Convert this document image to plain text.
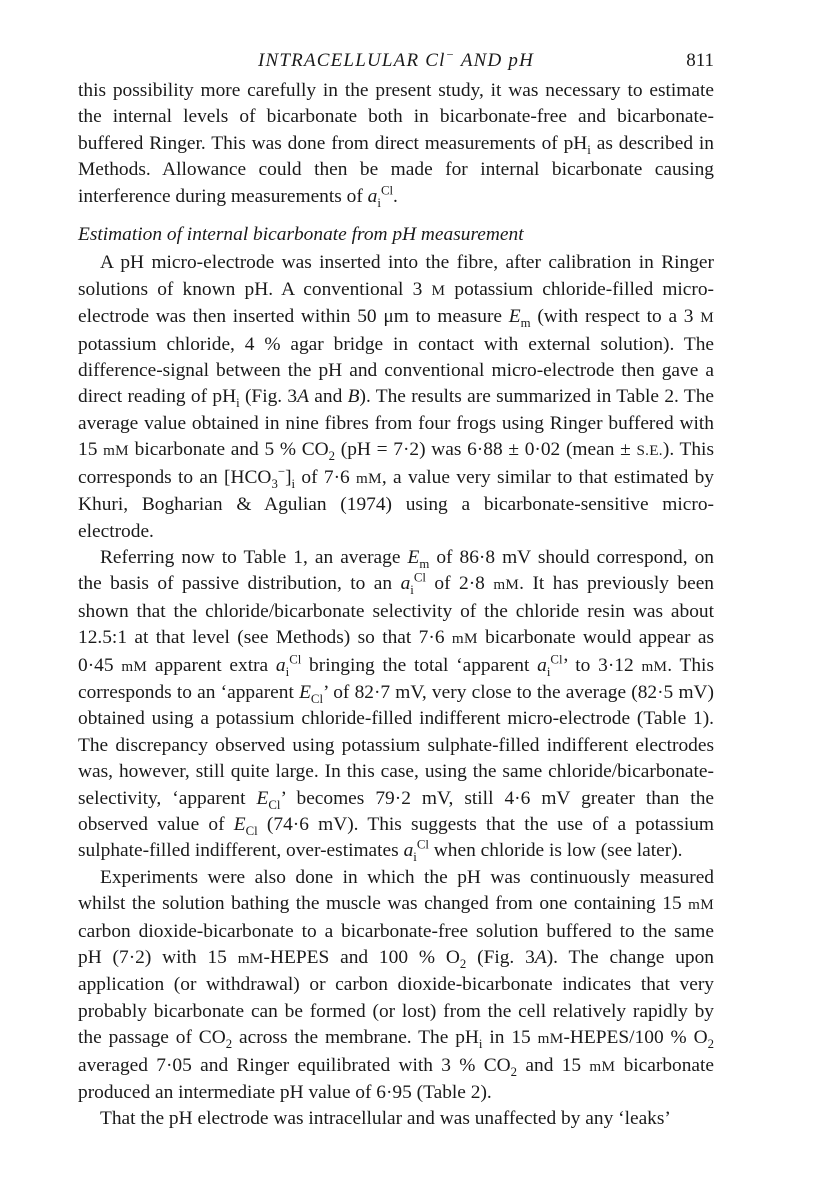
INTRACELLULAR Cl− AND pH	811

this possibility more carefully in the present study, it was necessary to estimate the internal levels of bicarbonate both in bicarbonate-free and bicarbonate-buffered Ringer. This was done from direct measurements of $pH_i$ as described in Methods. Allowance could then be made for internal bicarbonate causing interference during measurements of $a_i^{Cl}$.

Estimation of internal bicarbonate from pH measurement

A pH micro-electrode was inserted into the fibre, after calibration in Ringer solutions of known pH. A conventional 3 M potassium chloride-filled micro-electrode was then inserted within 50 μm to measure $E_m$ (with respect to a 3 M potassium chloride, 4 % agar bridge in contact with external solution). The difference-signal between the pH and conventional micro-electrode then gave a direct reading of $pH_i$ (Fig. 3A and B). The results are summarized in Table 2. The average value obtained in nine fibres from four frogs using Ringer buffered with 15 mM bicarbonate and 5 % $CO_2$ (pH = 7·2) was 6·88 ± 0·02 (mean ± S.E.). This corresponds to an $[HCO_3^-]_i$ of 7·6 mM, a value very similar to that estimated by Khuri, Bogharian & Agulian (1974) using a bicarbonate-sensitive micro-electrode.

Referring now to Table 1, an average $E_m$ of 86·8 mV should correspond, on the basis of passive distribution, to an $a_i^{Cl}$ of 2·8 mM. It has previously been shown that the chloride/bicarbonate selectivity of the chloride resin was about 12.5:1 at that level (see Methods) so that 7·6 mM bicarbonate would appear as 0·45 mM apparent extra $a_i^{Cl}$ bringing the total ‘apparent $a_i^{Cl}$’ to 3·12 mM. This corresponds to an ‘apparent $E_{Cl}$’ of 82·7 mV, very close to the average (82·5 mV) obtained using a potassium chloride-filled indifferent micro-electrode (Table 1). The discrepancy observed using potassium sulphate-filled indifferent electrodes was, however, still quite large. In this case, using the same chloride/bicarbonate-selectivity, ‘apparent $E_{Cl}$’ becomes 79·2 mV, still 4·6 mV greater than the observed value of $E_{Cl}$ (74·6 mV). This suggests that the use of a potassium sulphate-filled indifferent, over-estimates $a_i^{Cl}$ when chloride is low (see later).

Experiments were also done in which the pH was continuously measured whilst the solution bathing the muscle was changed from one containing 15 mM carbon dioxide-bicarbonate to a bicarbonate-free solution buffered to the same pH (7·2) with 15 mM-HEPES and 100 % $O_2$ (Fig. 3A). The change upon application (or withdrawal) or carbon dioxide-bicarbonate indicates that very probably bicarbonate can be formed (or lost) from the cell relatively rapidly by the passage of $CO_2$ across the membrane. The $pH_i$ in 15 mM-HEPES/100 % $O_2$ averaged 7·05 and Ringer equilibrated with 3 % $CO_2$ and 15 mM bicarbonate produced an intermediate pH value of 6·95 (Table 2).

That the pH electrode was intracellular and was unaffected by any ‘leaks’
